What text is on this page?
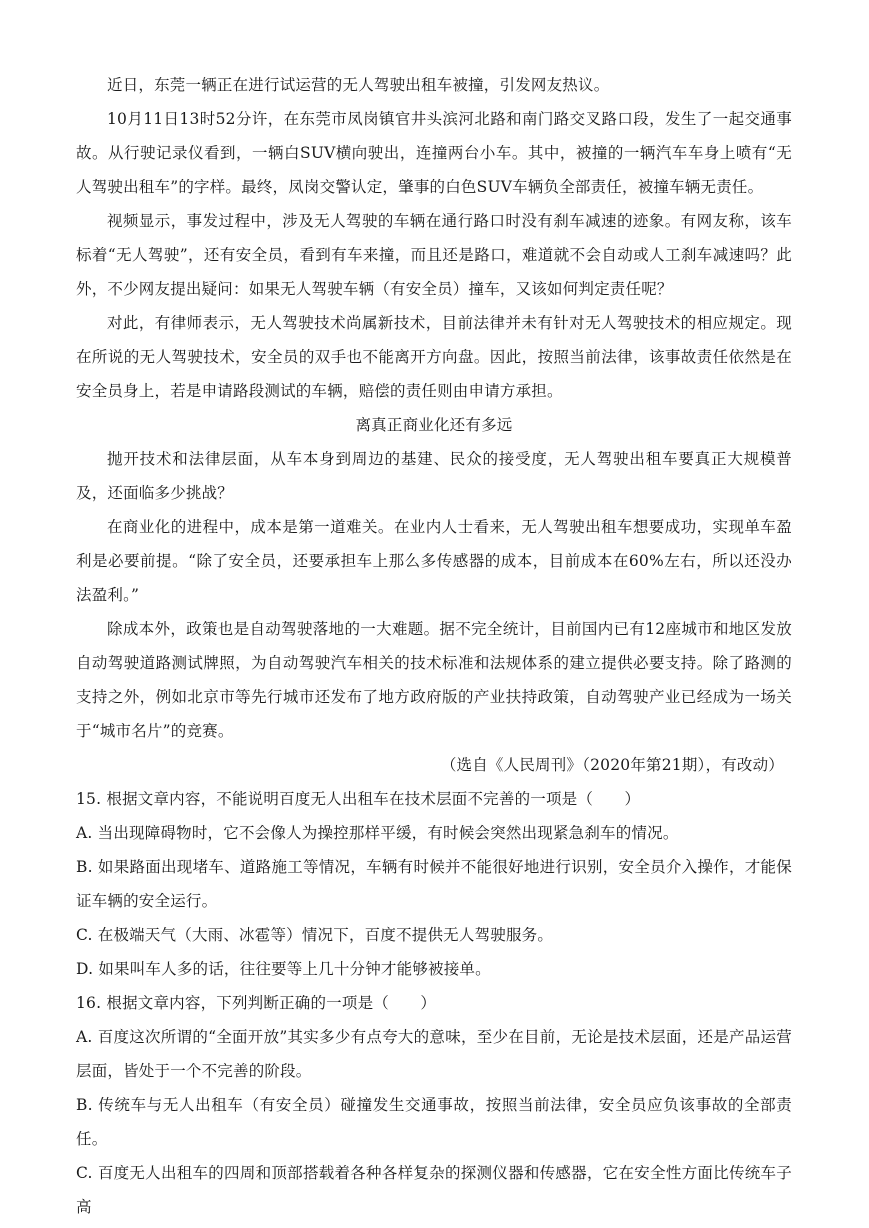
近日，东莞一辆正在进行试运营的无人驾驶出租车被撞，引发网友热议。

10月11日13时52分许，在东莞市凤岗镇官井头滨河北路和南门路交叉路口段，发生了一起交通事故。从行驶记录仪看到，一辆白SUV横向驶出，连撞两台小车。其中，被撞的一辆汽车车身上喷有“无人驾驶出租车”的字样。最终，凤岗交警认定，肇事的白色SUV车辆负全部责任，被撞车辆无责任。

视频显示，事发过程中，涉及无人驾驶的车辆在通行路口时没有刹车减速的迹象。有网友称，该车标着“无人驾驶”，还有安全员，看到有车来撞，而且还是路口，难道就不会自动或人工刹车减速吗？此外，不少网友提出疑问：如果无人驾驶车辆（有安全员）撞车，又该如何判定责任呢？

对此，有律师表示，无人驾驶技术尚属新技术，目前法律并未有针对无人驾驶技术的相应规定。现在所说的无人驾驶技术，安全员的双手也不能离开方向盘。因此，按照当前法律，该事故责任依然是在安全员身上，若是申请路段测试的车辆，赔偿的责任则由申请方承担。

离真正商业化还有多远

抛开技术和法律层面，从车本身到周边的基建、民众的接受度，无人驾驶出租车要真正大规模普及，还面临多少挑战？

在商业化的进程中，成本是第一道难关。在业内人士看来，无人驾驶出租车想要成功，实现单车盈利是必要前提。“除了安全员，还要承担车上那么多传感器的成本，目前成本在60%左右，所以还没办法盈利。”

除成本外，政策也是自动驾驶落地的一大难题。据不完全统计，目前国内已有12座城市和地区发放自动驾驶道路测试牌照，为自动驾驶汽车相关的技术标准和法规体系的建立提供必要支持。除了路测的支持之外，例如北京市等先行城市还发布了地方政府版的产业扶持政策，自动驾驶产业已经成为一场关于“城市名片”的竞赛。

（选自《人民周刊》（2020年第21期），有改动）

15. 根据文章内容，不能说明百度无人出租车在技术层面不完善的一项是（　　）

A. 当出现障碍物时，它不会像人为操控那样平缓，有时候会突然出现紧急刹车的情况。

B. 如果路面出现堵车、道路施工等情况，车辆有时候并不能很好地进行识别，安全员介入操作，才能保证车辆的安全运行。

C. 在极端天气（大雨、冰雹等）情况下，百度不提供无人驾驶服务。

D. 如果叫车人多的话，往往要等上几十分钟才能够被接单。

16. 根据文章内容，下列判断正确的一项是（　　）

A. 百度这次所谓的“全面开放”其实多少有点夸大的意味，至少在目前，无论是技术层面，还是产品运营层面，皆处于一个不完善的阶段。

B. 传统车与无人出租车（有安全员）碰撞发生交通事故，按照当前法律，安全员应负该事故的全部责任。

C. 百度无人出租车的四周和顶部搭载着各种各样复杂的探测仪器和传感器，它在安全性方面比传统车子高
